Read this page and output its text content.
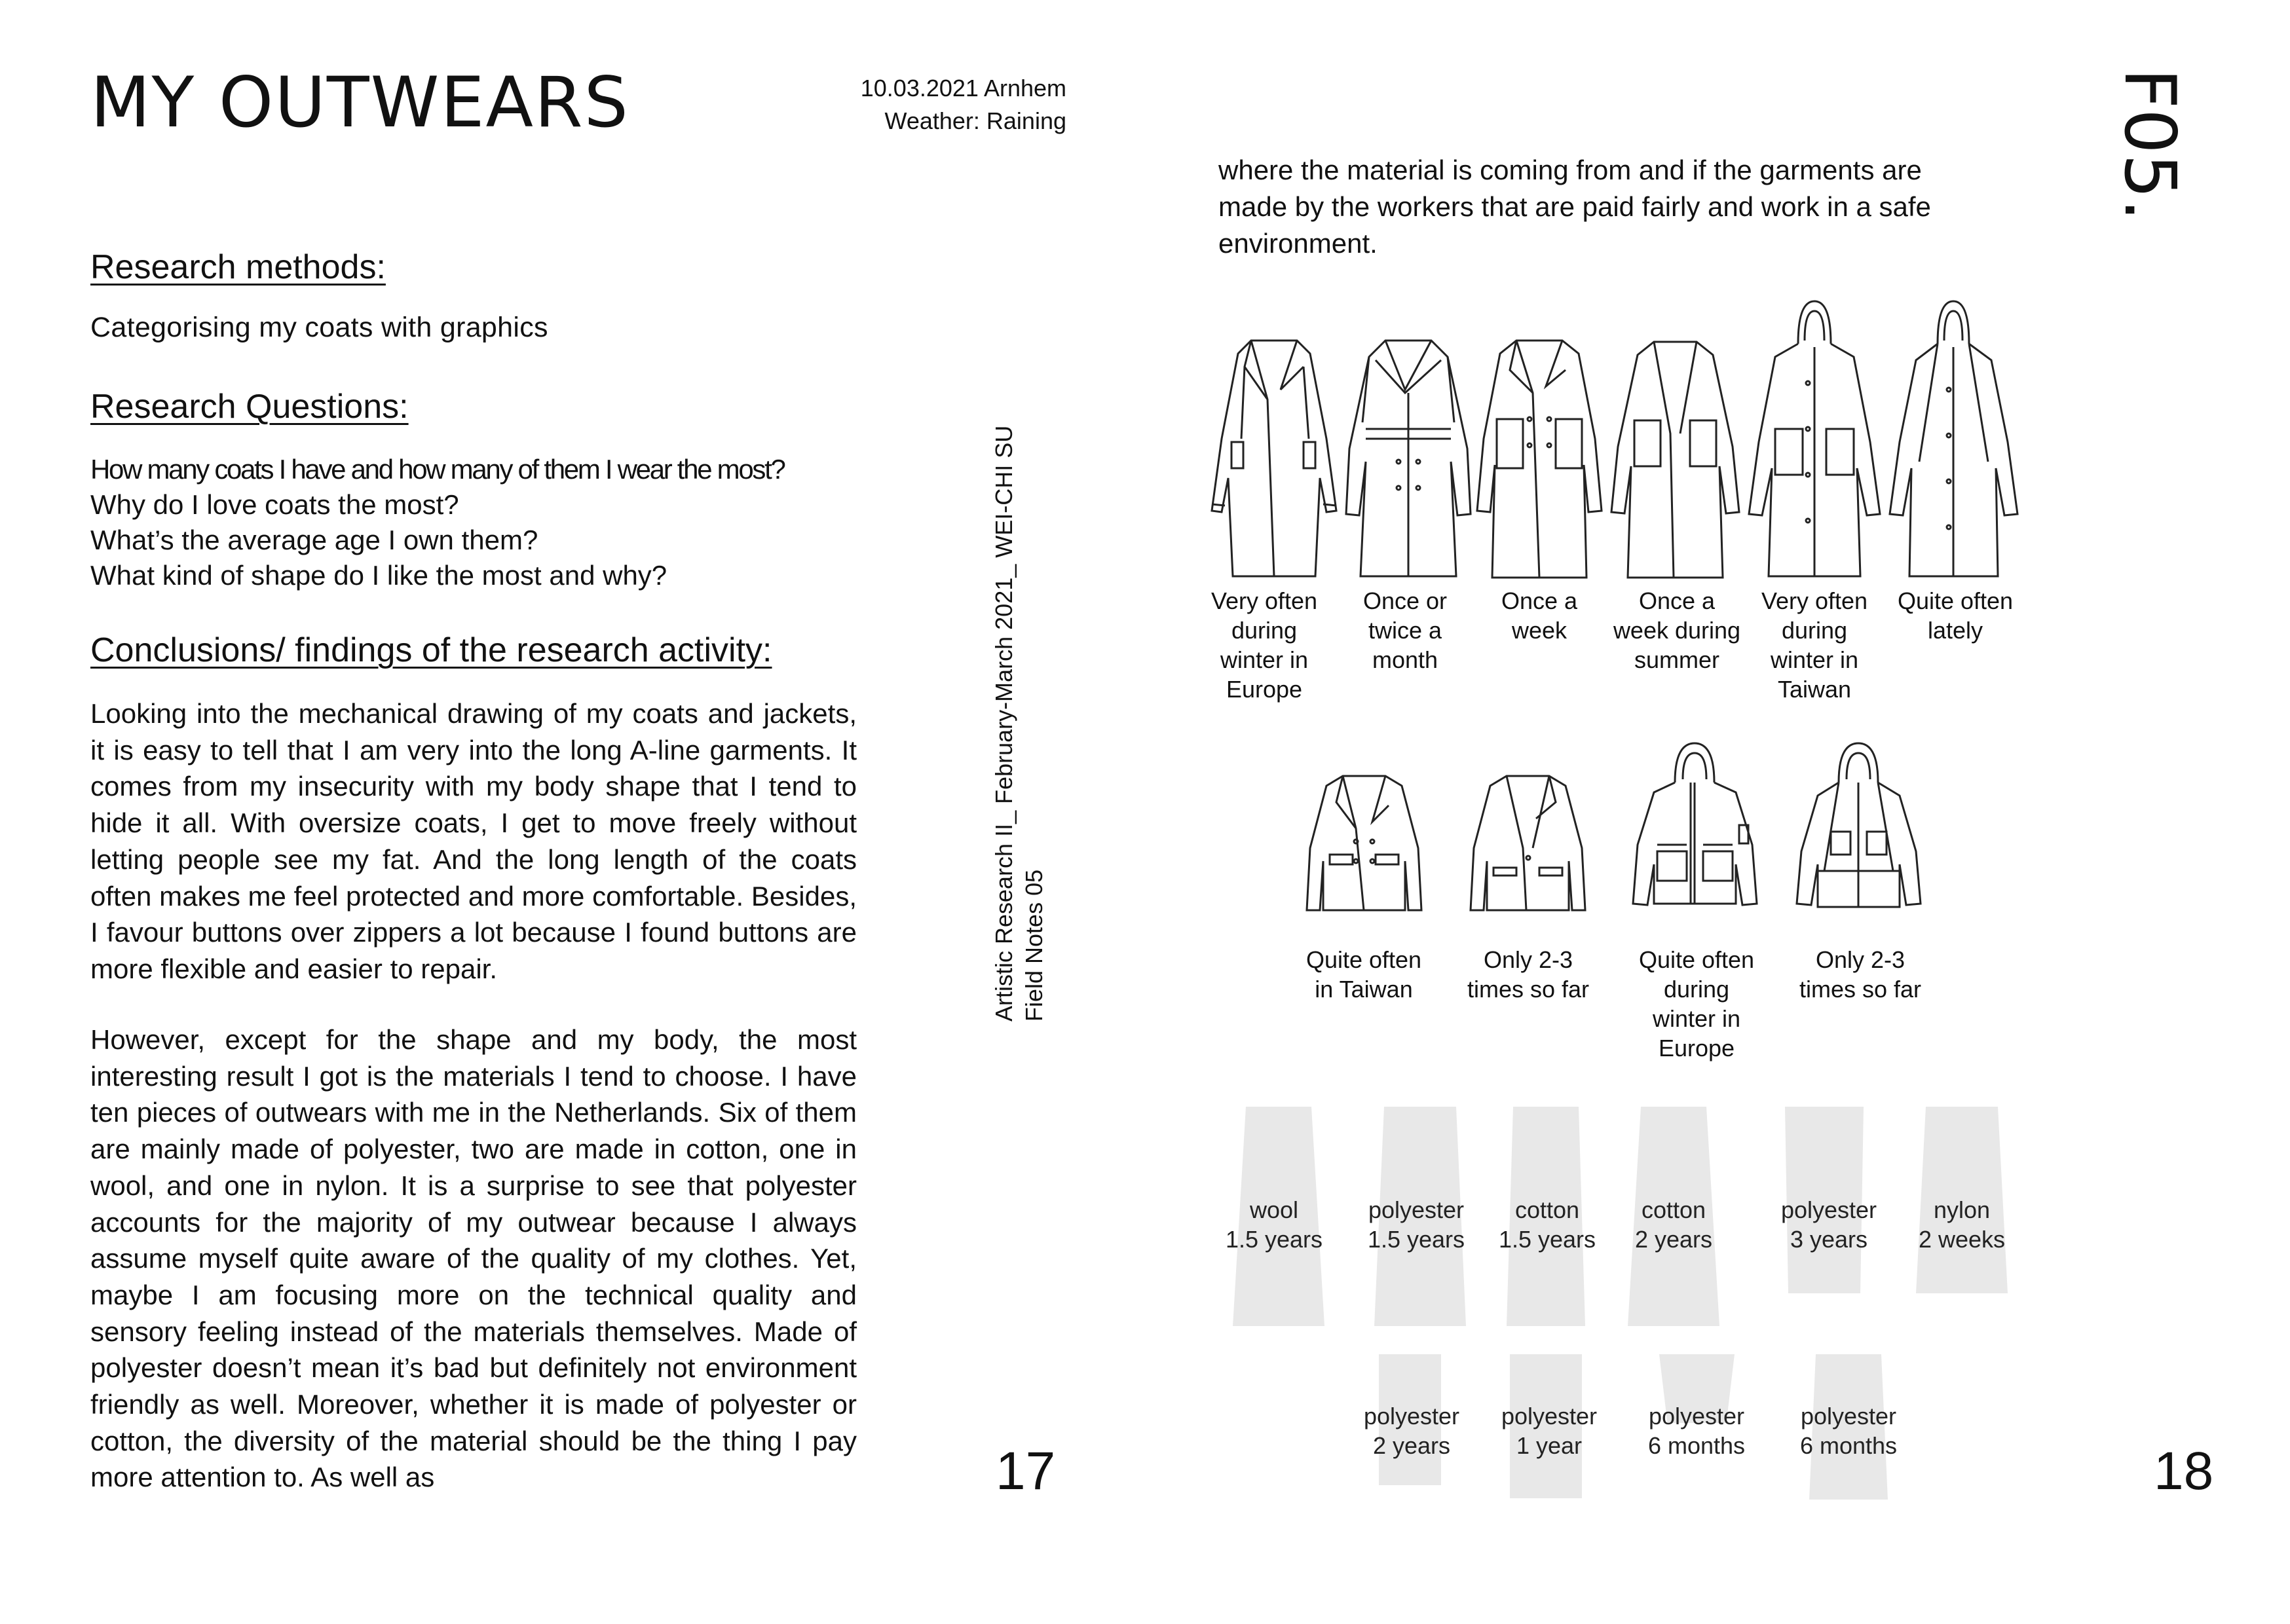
MY OUTWEARS	10.03.2021 Arnhem
Weather: Raining
Research methods:
Categorising my coats with graphics
Research Questions:
How many coats I have and how many of them I wear the most?
Why do I love coats the most?
What’s the average age I own them?
What kind of shape do I like the most and why?
Conclusions/ findings of the research activity:
Looking into the mechanical drawing of my coats and jackets, it is easy to tell that I am very into the long A-line garments. It comes from my insecurity with my body shape that I tend to hide it all. With oversize coats, I get to move freely without letting people see my fat. And the long length of the coats often makes me feel protected and more comfortable. Besides, I favour buttons over zippers a lot because I found buttons are more flexible and easier to repair.
However, except for the shape and my body, the most interesting result I got is the materials I tend to choose. I have ten pieces of outwears with me in the Netherlands. Six of them are mainly made of polyester, two are made in cotton, one in wool, and one in nylon. It is a surprise to see that polyester accounts for the majority of my outwear because I always assume myself quite aware of the quality of my clothes. Yet, maybe I am focusing more on the technical quality and sensory feeling instead of the materials themselves. Made of polyester doesn’t mean it’s bad but definitely not environment friendly as well. Moreover, whether it is made of polyester or cotton, the diversity of the material should be the thing I pay more attention to. As well as
Artistic Research II_ February-March 2021_ WEI-CHI SU Field Notes 05
17
F05.
where the material is coming from and if the garments are made by the workers that are paid fairly and work in a safe environment.
18
Very often
during
winter in
Europe
Once or
twice a
month
Once a
week
Once a
week during
summer
Very often
during
winter in
Taiwan
Quite often
lately
Quite often
in Taiwan
Only 2-3
times so far
Quite often
during
winter in
Europe
Only 2-3
times so far
wool
1.5 years
polyester
1.5 years
cotton
1.5 years
cotton
2 years
polyester
3 years
nylon
2 weeks
polyester
2 years
polyester
1 year
polyester
6 months
polyester
6 months
